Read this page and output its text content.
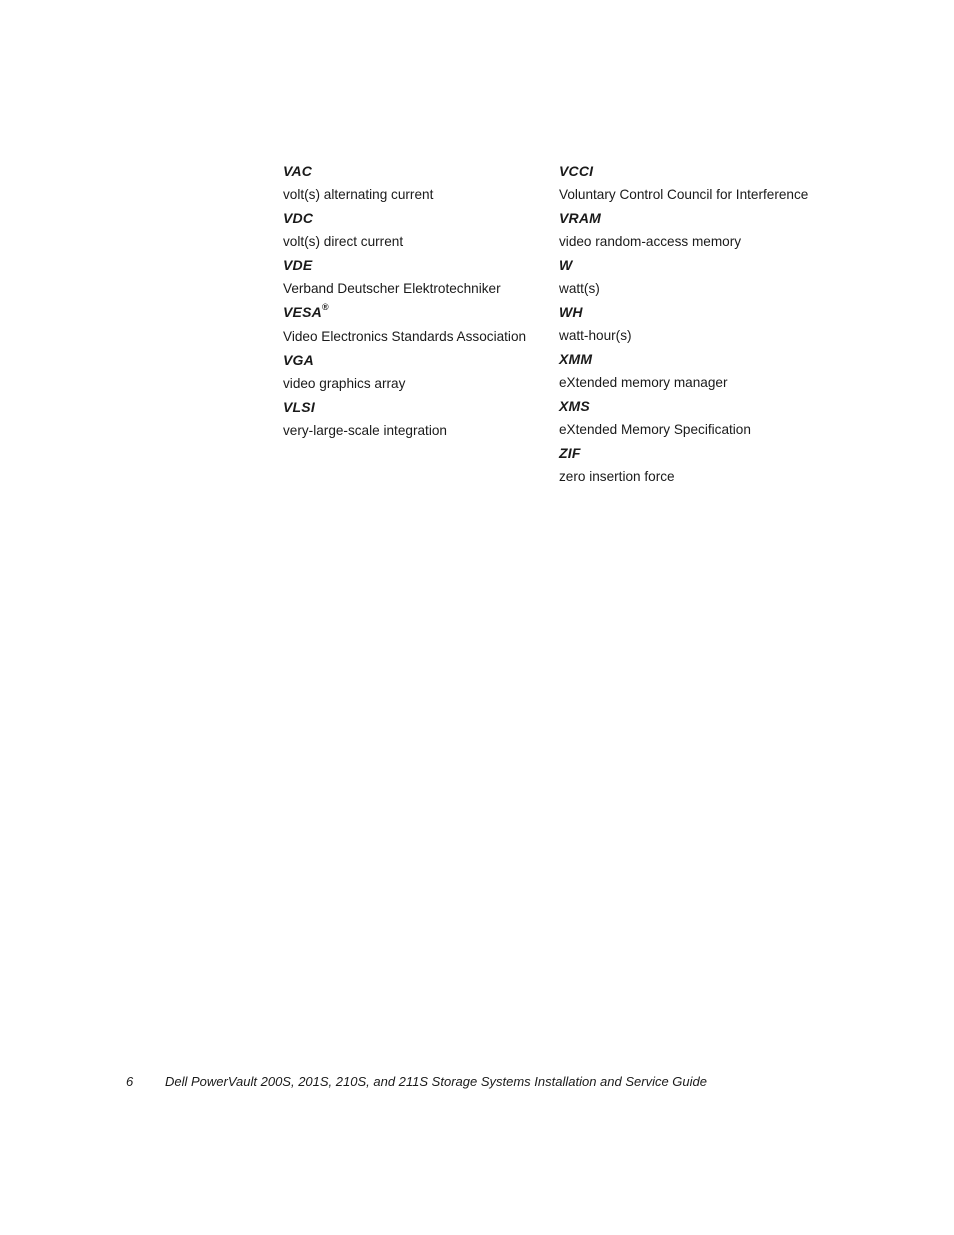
VAC
volt(s) alternating current
VDC
volt(s) direct current
VDE
Verband Deutscher Elektrotechniker
VESA®
Video Electronics Standards Association
VGA
video graphics array
VLSI
very-large-scale integration
VCCI
Voluntary Control Council for Interference
VRAM
video random-access memory
W
watt(s)
WH
watt-hour(s)
XMM
eXtended memory manager
XMS
eXtended Memory Specification
ZIF
zero insertion force
6 Dell PowerVault 200S, 201S, 210S, and 211S Storage Systems Installation and Service Guide
